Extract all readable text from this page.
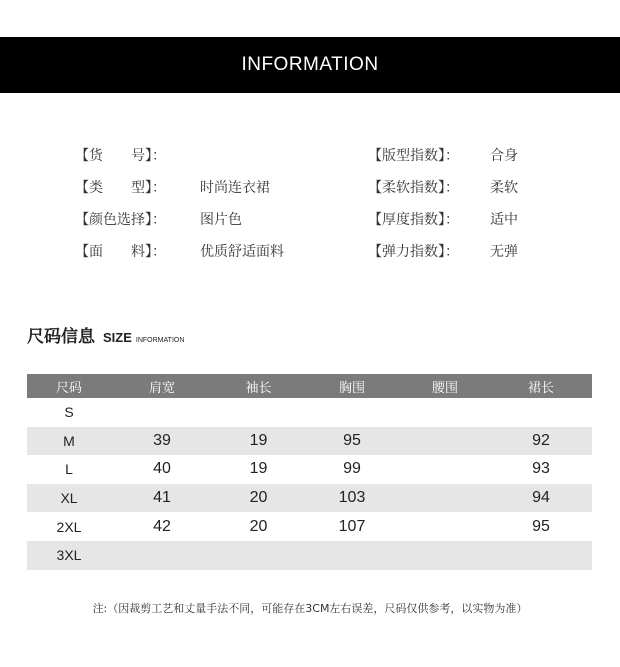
INFORMATION

【货　　号】：

【类　　型】：

时尚连衣裙

【颜色选择】：

图片色

【面　　料】：

优质舒适面料

【版型指数】：

合身

【柔软指数】：

柔软

【厚度指数】：

适中

【弹力指数】：

无弹

尺码信息 SIZE INFORMATION
尺码	肩宽	袖长	胸围	腰围	裙长
S					
M	39	19	95		92
L	40	19	99		93
XL	41	20	103		94
2XL	42	20	107		95
3XL					
注:（因裁剪工艺和丈量手法不同，可能存在3CM左右误差，尺码仅供参考，以实物为准）
